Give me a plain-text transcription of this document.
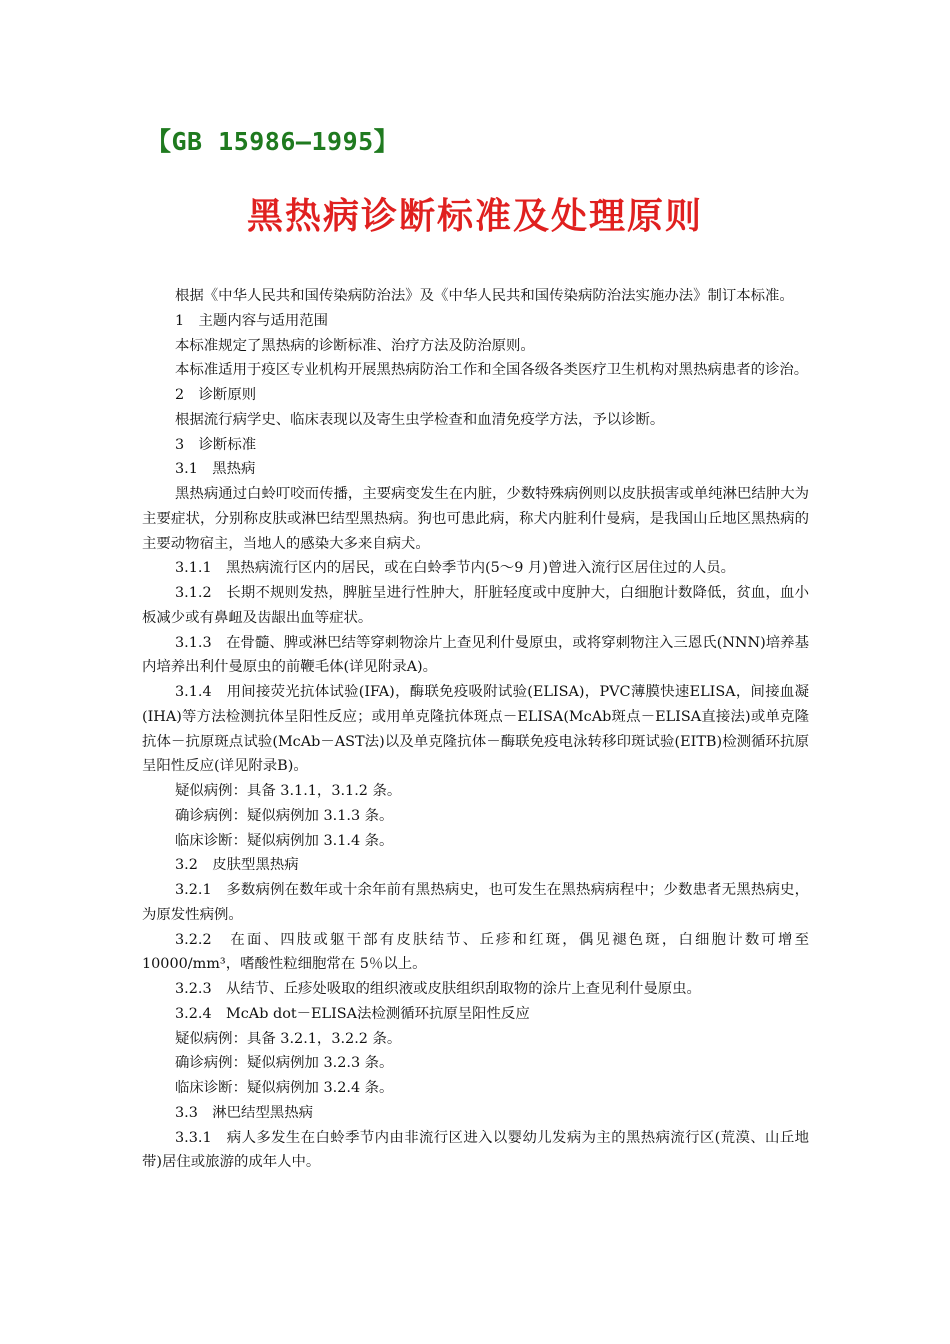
【GB 15986—1995】
黑热病诊断标准及处理原则

根据《中华人民共和国传染病防治法》及《中华人民共和国传染病防治法实施办法》制订本标准。

1　主题内容与适用范围

本标准规定了黑热病的诊断标准、治疗方法及防治原则。

本标准适用于疫区专业机构开展黑热病防治工作和全国各级各类医疗卫生机构对黑热病患者的诊治。

2　诊断原则

根据流行病学史、临床表现以及寄生虫学检查和血清免疫学方法，予以诊断。

3　诊断标准

3.1　黑热病

黑热病通过白蛉叮咬而传播，主要病变发生在内脏，少数特殊病例则以皮肤损害或单纯淋巴结肿大为主要症状，分别称皮肤或淋巴结型黑热病。狗也可患此病，称犬内脏利什曼病，是我国山丘地区黑热病的主要动物宿主，当地人的感染大多来自病犬。

3.1.1　黑热病流行区内的居民，或在白蛉季节内(5～9 月)曾进入流行区居住过的人员。

3.1.2　长期不规则发热，脾脏呈进行性肿大，肝脏轻度或中度肿大，白细胞计数降低，贫血，血小板减少或有鼻衄及齿龈出血等症状。

3.1.3　在骨髓、脾或淋巴结等穿刺物涂片上查见利什曼原虫，或将穿刺物注入三恩氏(NNN)培养基内培养出利什曼原虫的前鞭毛体(详见附录A)。

3.1.4　用间接荧光抗体试验(IFA)，酶联免疫吸附试验(ELISA)，PVC薄膜快速ELISA，间接血凝(IHA)等方法检测抗体呈阳性反应；或用单克隆抗体斑点－ELISA(McAb斑点－ELISA直接法)或单克隆抗体－抗原斑点试验(McAb－AST法)以及单克隆抗体－酶联免疫电泳转移印斑试验(EITB)检测循环抗原呈阳性反应(详见附录B)。

疑似病例：具备 3.1.1，3.1.2 条。

确诊病例：疑似病例加 3.1.3 条。

临床诊断：疑似病例加 3.1.4 条。

3.2　皮肤型黑热病

3.2.1　多数病例在数年或十余年前有黑热病史，也可发生在黑热病病程中；少数患者无黑热病史，为原发性病例。

3.2.2　在面、四肢或躯干部有皮肤结节、丘疹和红斑，偶见褪色斑，白细胞计数可增至10000/mm³，嗜酸性粒细胞常在 5％以上。

3.2.3　从结节、丘疹处吸取的组织液或皮肤组织刮取物的涂片上查见利什曼原虫。

3.2.4　McAb dot－ELISA法检测循环抗原呈阳性反应

疑似病例：具备 3.2.1，3.2.2 条。

确诊病例：疑似病例加 3.2.3 条。

临床诊断：疑似病例加 3.2.4 条。

3.3　淋巴结型黑热病

3.3.1　病人多发生在白蛉季节内由非流行区进入以婴幼儿发病为主的黑热病流行区(荒漠、山丘地带)居住或旅游的成年人中。
